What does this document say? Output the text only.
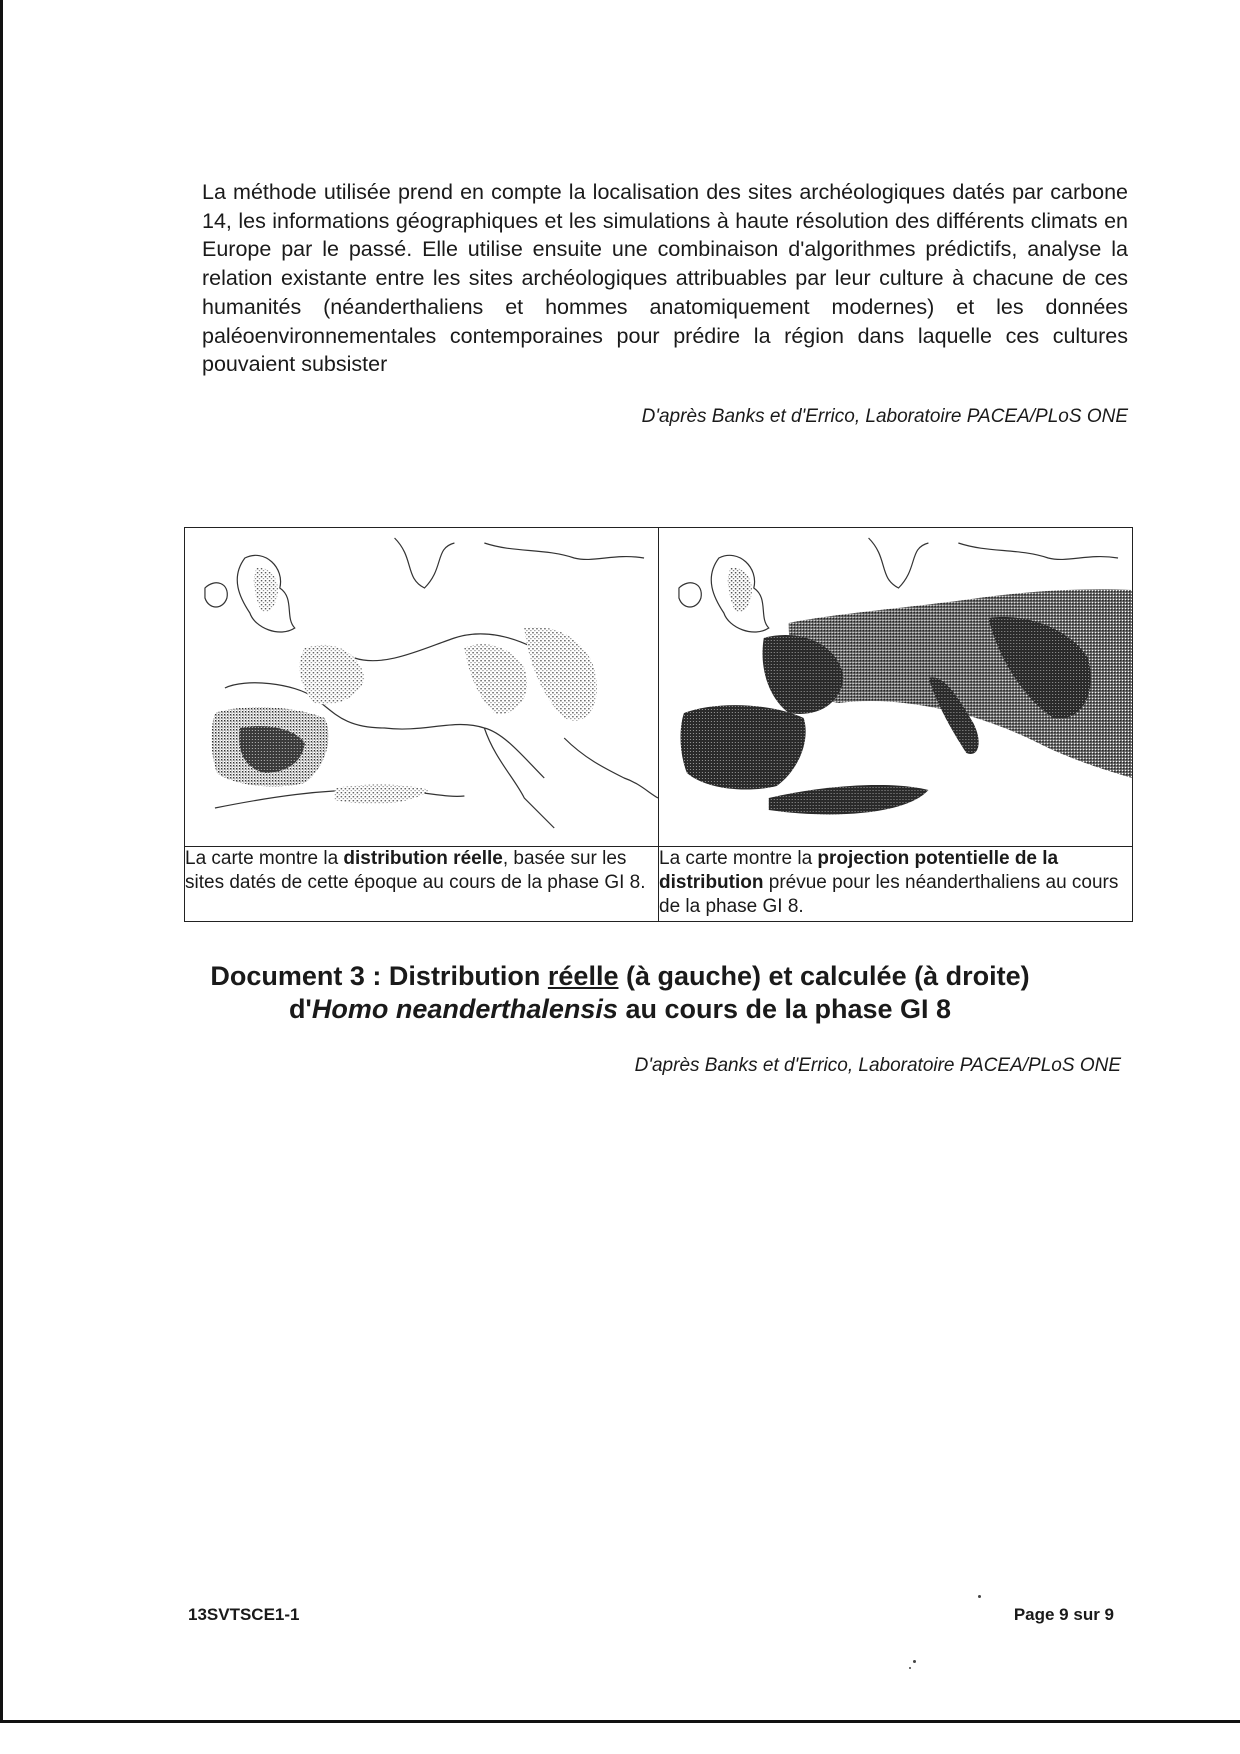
La méthode utilisée prend en compte la localisation des sites archéologiques datés par carbone 14, les informations géographiques et les simulations à haute résolution des différents climats en Europe par le passé. Elle utilise ensuite une combinaison d'algorithmes prédictifs, analyse la relation existante entre les sites archéologiques attribuables par leur culture à chacune de ces humanités (néanderthaliens et hommes anatomiquement modernes) et les données paléoenvironnementales contemporaines pour prédire la région dans laquelle ces cultures pouvaient subsister

D'après Banks et d'Errico, Laboratoire PACEA/PLoS ONE

La carte montre la distribution réelle, basée sur les sites datés de cette époque au cours de la phase GI 8.	La carte montre la projection potentielle de la distribution prévue pour les néanderthaliens au cours de la phase GI 8.
Document 3 : Distribution réelle (à gauche) et calculée (à droite)
d'Homo neanderthalensis au cours de la phase GI 8
D'après Banks et d'Errico, Laboratoire PACEA/PLoS ONE
13SVTSCE1-1	Page 9 sur 9
